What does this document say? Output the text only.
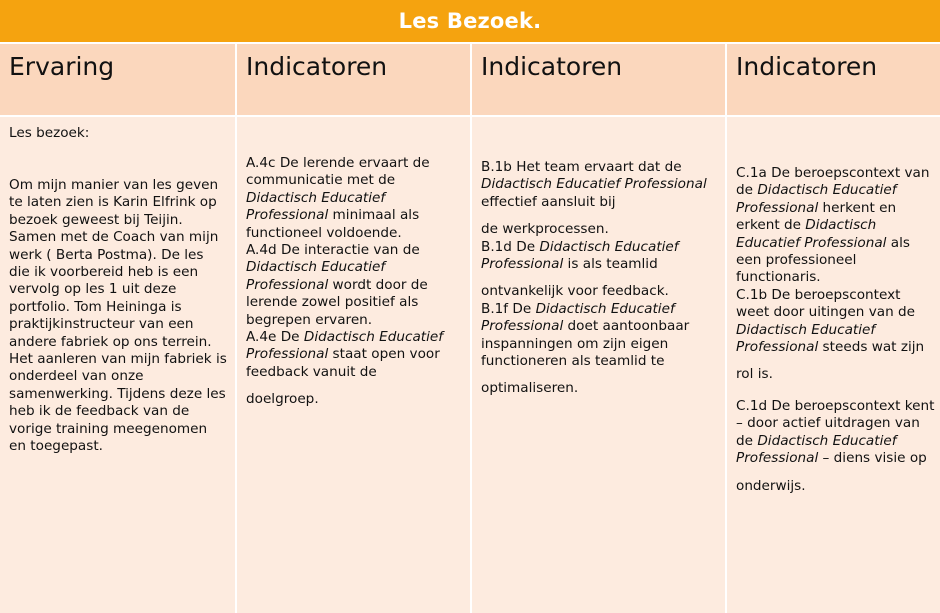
Les Bezoek.
Ervaring
Les bezoek:
Om mijn manier van les geven te laten zien is Karin Elfrink op bezoek geweest bij Teijin. Samen met de Coach van mijn werk ( Berta Postma). De les die ik voorbereid heb is een vervolg op les 1 uit deze portfolio. Tom Heininga is praktijkinstructeur van een andere fabriek op ons terrein. Het aanleren van mijn fabriek is onderdeel van onze samenwerking. Tijdens deze les heb ik de feedback van de vorige training meegenomen en toegepast.
Indicatoren
A.4c De lerende ervaart de communicatie met de Didactisch Educatief Professional minimaal als functioneel voldoende.
A.4d De interactie van de Didactisch Educatief Professional wordt door de lerende zowel positief als begrepen ervaren.
A.4e De Didactisch Educatief Professional staat open voor feedback vanuit de
doelgroep.
Indicatoren
B.1b Het team ervaart dat de Didactisch Educatief Professional effectief aansluit bij
de werkprocessen.
B.1d De Didactisch Educatief Professional is als teamlid
ontvankelijk voor feedback.
B.1f De Didactisch Educatief Professional doet aantoonbaar inspanningen om zijn eigen functioneren als teamlid te
optimaliseren.
Indicatoren
C.1a De beroepscontext van de Didactisch Educatief Professional herkent en erkent de Didactisch Educatief Professional als een professioneel functionaris.
C.1b De beroepscontext weet door uitingen van de Didactisch Educatief Professional steeds wat zijn
rol is.
C.1d De beroepscontext kent – door actief uitdragen van de Didactisch Educatief Professional – diens visie op
onderwijs.
